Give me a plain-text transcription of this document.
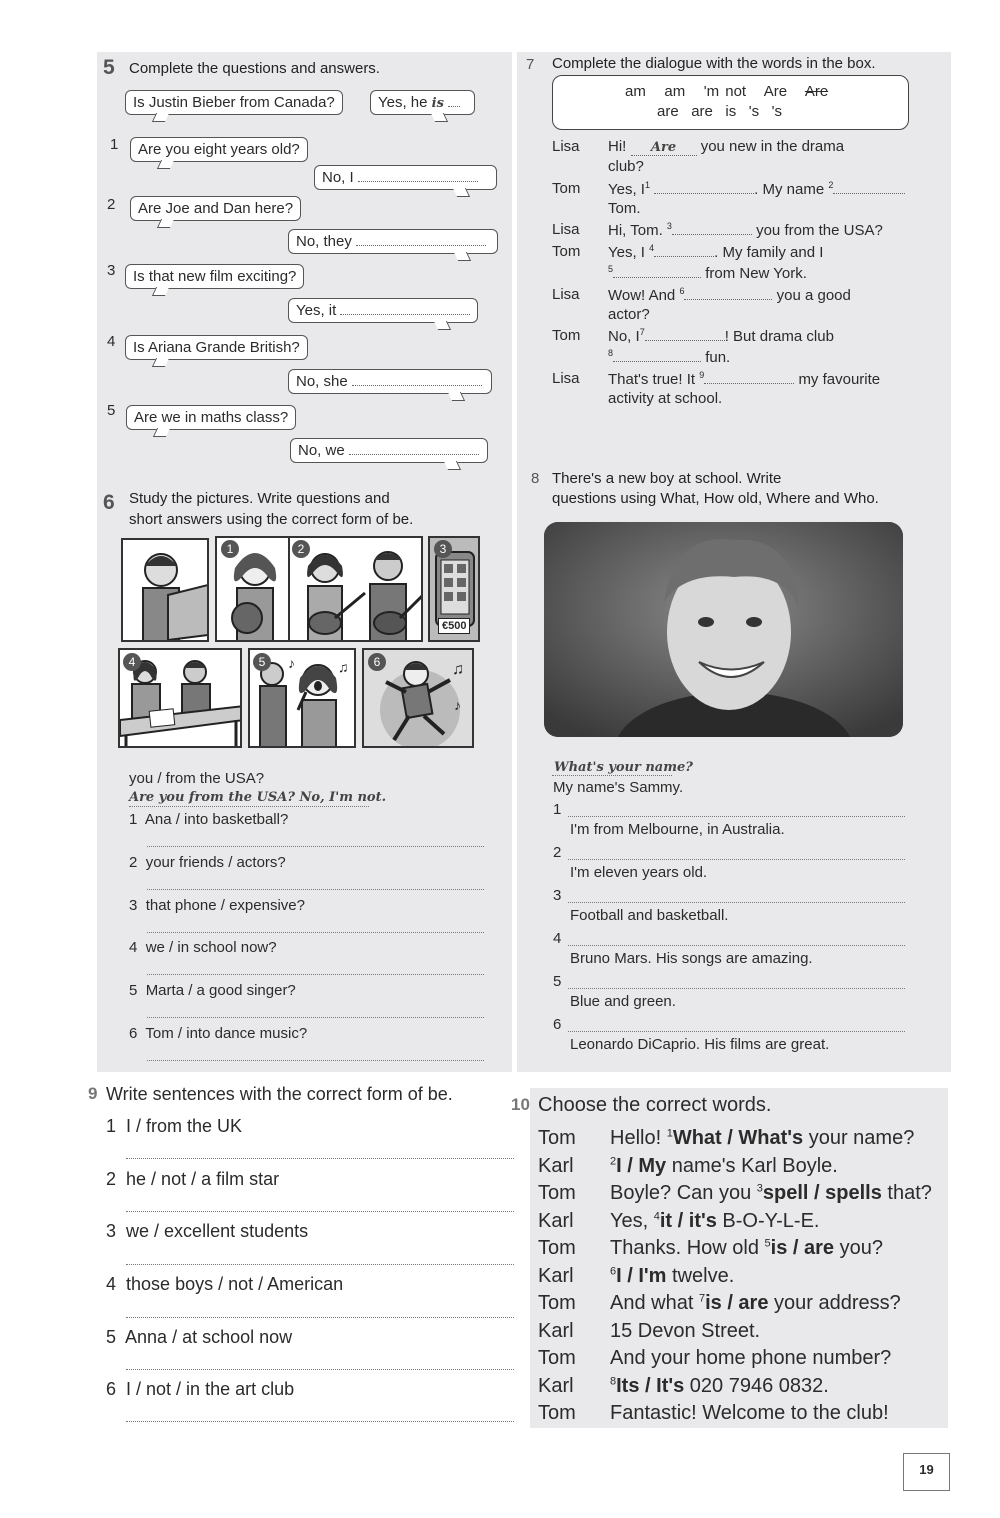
5 Complete the questions and answers.
Is Justin Bieber from Canada?	Yes, he is
1	Are you eight years old?
No, I
2	Are Joe and Dan here?
No, they
3	Is that new film exciting?
Yes, it
4	Is Ariana Grande British?
No, she
5	Are we in maths class?
No, we
6 Study the pictures. Write questions and
short answers using the correct form of be.
1	2	3
€500
4	♪	♫
5	♫
♪
6
you / from the USA?
Are you from the USA? No, I'm not.
1 Ana / into basketball?
2 your friends / actors?
3 that phone / expensive?
4 we / in school now?
5 Marta / a good singer?
6 Tom / into dance music?
7 Complete the dialogue with the words in the box.
am am 'm not Are Are
are are is 's 's
Lisa Hi! Are you new in the drama
club?
Tom Yes, $I^1$	. My name $^2$
Tom.
Lisa Hi, Tom. $^3$	you from the USA?
Tom Yes, I $^4$	. My family and I
$^5$	from New York.
Lisa Wow! And $^6$	you a good
actor?
Tom No, $I^7$	! But drama club
$^8$	fun.
Lisa That's true! It $^9$	my favourite
activity at school.
8 There's a new boy at school. Write
questions using What, How old, Where and Who.
What's your name?
My name's Sammy.
1
I'm from Melbourne, in Australia.
2
I'm eleven years old.
3
Football and basketball.
4
Bruno Mars. His songs are amazing.
5
Blue and green.
6
Leonardo DiCaprio. His films are great.
9 Write sentences with the correct form of be.
1 I / from the UK
2 he / not / a film star
3 we / excellent students
4 those boys / not / American
5 Anna / at school now
6 I / not / in the art club
10 Choose the correct words.
Tom Hello! $^1$What / What's your name?
Karl	$^2$I / My name's Karl Boyle.
Tom Boyle? Can you $^3$spell / spells that?
Karl Yes, $^4$it / it's B-O-Y-L-E.
Tom Thanks. How old $^5$is / are you?
Karl	$^6$I / I'm twelve.
Tom And what $^7$is / are your address?
Karl 15 Devon Street.
Tom And your home phone number?
Karl	$^8$Its / It's 020 7946 0832.
Tom Fantastic! Welcome to the club!
19
